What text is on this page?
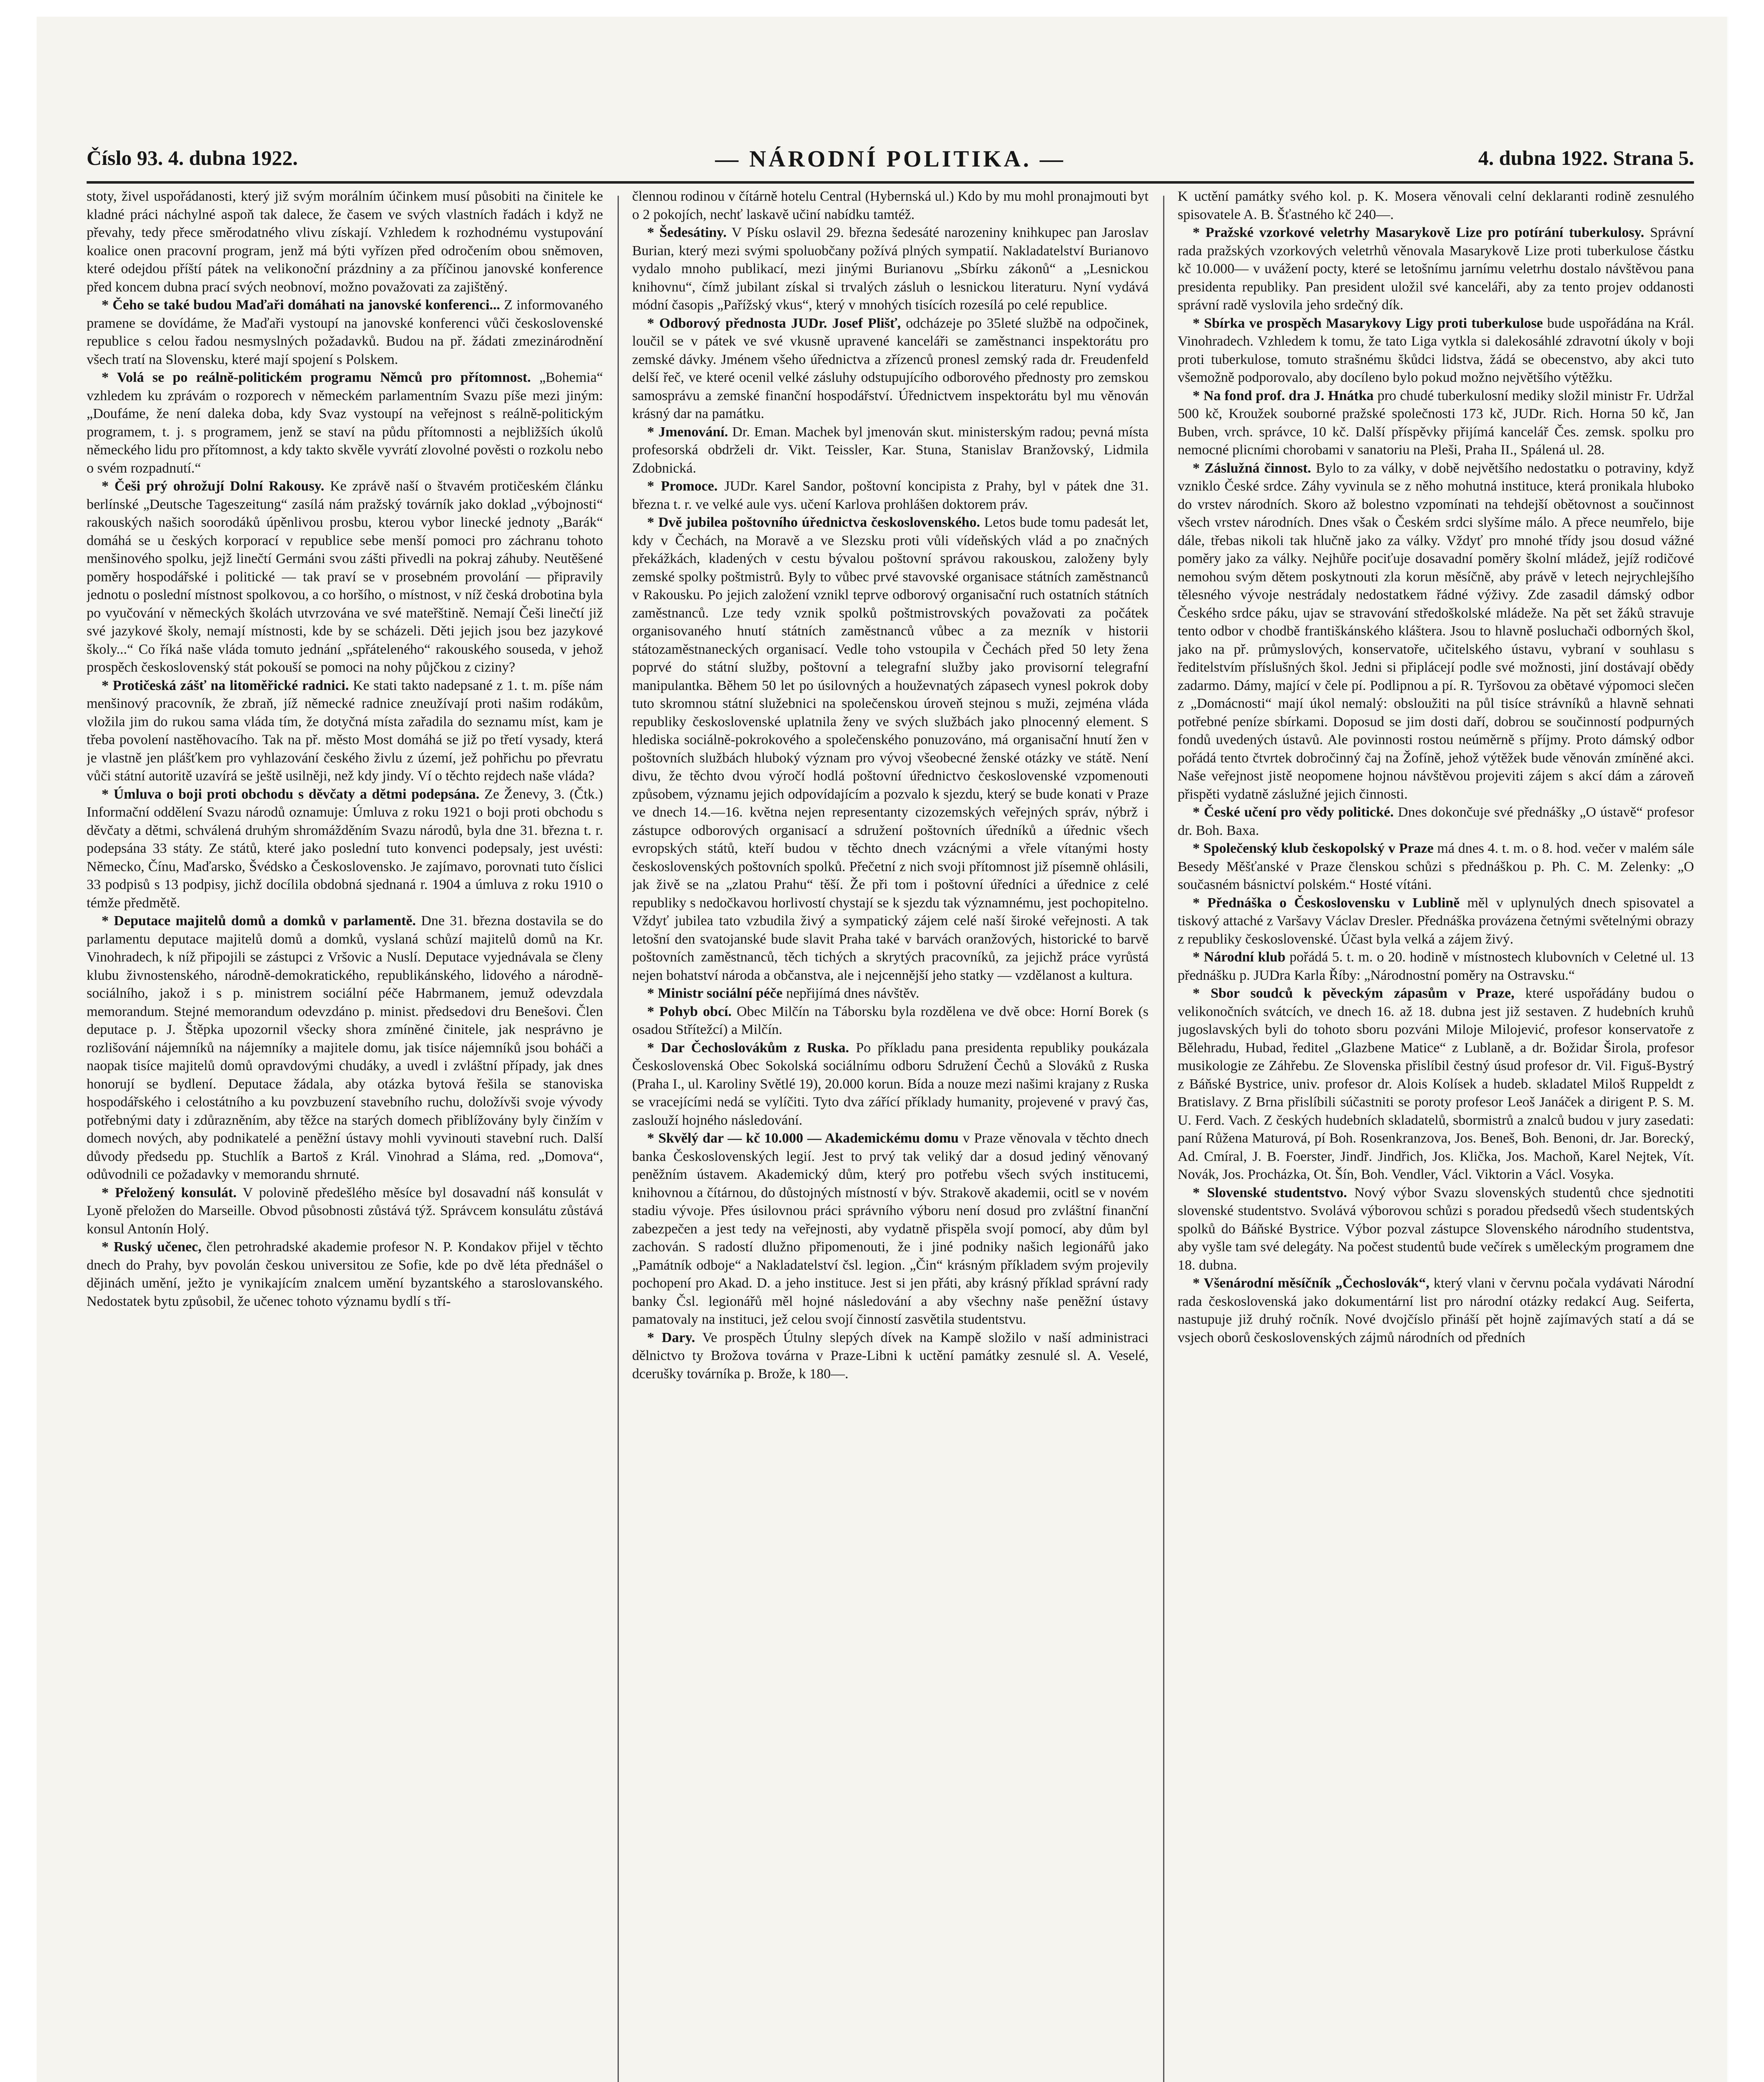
Číslo 93. 4. dubna 1922.	— NÁRODNÍ POLITIKA. —	4. dubna 1922. Strana 5.

stoty, živel uspořádanosti, který již svým morálním účinkem musí působiti na činitele ke kladné práci náchylné aspoň tak dalece, že časem ve svých vlastních řadách i když ne převahy, tedy přece směrodatného vlivu získají. Vzhledem k rozhodnému vystupování koalice onen pracovní program, jenž má býti vyřízen před odročením obou sněmoven, které odejdou příští pátek na velikonoční prázdniny a za příčinou janovské konference před koncem dubna prací svých neobnoví, možno považovati za zajištěný.

* Čeho se také budou Maďaři domáhati na janovské konferenci... Z informovaného pramene se dovídáme, že Maďaři vystoupí na janovské konferenci vůči československé republice s celou řadou nesmyslných požadavků. Budou na př. žádati zmezinárodnění všech tratí na Slovensku, které mají spojení s Polskem.

* Volá se po reálně-politickém programu Němců pro přítomnost. „Bohemia“ vzhledem ku zprávám o rozporech v německém parlamentním Svazu píše mezi jiným: „Doufáme, že není daleka doba, kdy Svaz vystoupí na veřejnost s reálně-politickým programem, t. j. s programem, jenž se staví na půdu přítomnosti a nejbližších úkolů německého lidu pro přítomnost, a kdy takto skvěle vyvrátí zlovolné pověsti o rozkolu nebo o svém rozpadnutí.“

* Češi prý ohrožují Dolní Rakousy. Ke zprávě naší o štvavém protičeském článku berlínské „Deutsche Tageszeitung“ zasílá nám pražský továrník jako doklad „výbojnosti“ rakouských našich soorodáků úpěnlivou prosbu, kterou vybor linecké jednoty „Barák“ domáhá se u českých korporací v republice sebe menší pomoci pro záchranu tohoto menšinového spolku, jejž linečtí Germáni svou zášti přivedli na pokraj záhuby. Neutěšené poměry hospodářské i politické — tak praví se v prosebném provolání — připravily jednotu o poslední místnost spolkovou, a co horšího, o místnost, v níž česká drobotina byla po vyučování v německých školách utvrzována ve své mateřštině. Nemají Češi linečtí již své jazykové školy, nemají místnosti, kde by se scházeli. Děti jejich jsou bez jazykové školy...“ Co říká naše vláda tomuto jednání „spřáteleného“ rakouského souseda, v jehož prospěch československý stát pokouší se pomoci na nohy půjčkou z ciziny?

* Protičeská zášť na litoměřické radnici. Ke stati takto nadepsané z 1. t. m. píše nám menšinový pracovník, že zbraň, jíž německé radnice zneužívají proti našim rodákům, vložila jim do rukou sama vláda tím, že dotyčná místa zařadila do seznamu míst, kam je třeba povolení nastěhovacího. Tak na př. město Most domáhá se již po třetí vysady, která je vlastně jen plášťkem pro vyhlazování českého živlu z území, jež pohřichu po převratu vůči státní autoritě uzavírá se ještě usilněji, než kdy jindy. Ví o těchto rejdech naše vláda?

* Úmluva o boji proti obchodu s děvčaty a dětmi podepsána. Ze Ženevy, 3. (Čtk.) Informační oddělení Svazu národů oznamuje: Úmluva z roku 1921 o boji proti obchodu s děvčaty a dětmi, schválená druhým shromážděním Svazu národů, byla dne 31. března t. r. podepsána 33 státy. Ze států, které jako poslední tuto konvenci podepsaly, jest uvésti: Německo, Čínu, Maďarsko, Švédsko a Československo. Je zajímavo, porovnati tuto číslici 33 podpisů s 13 podpisy, jichž docílila obdobná sjednaná r. 1904 a úmluva z roku 1910 o témže předmětě.

* Deputace majitelů domů a domků v parlamentě. Dne 31. března dostavila se do parlamentu deputace majitelů domů a domků, vyslaná schůzí majitelů domů na Kr. Vinohradech, k níž připojili se zástupci z Vršovic a Nuslí. Deputace vyjednávala se členy klubu živnostenského, národně-demokratického, republikánského, lidového a národně-sociálního, jakož i s p. ministrem sociální péče Habrmanem, jemuž odevzdala memorandum. Stejné memorandum odevzdáno p. minist. předsedovi dru Benešovi. Člen deputace p. J. Štěpka upozornil všecky shora zmíněné činitele, jak nesprávno je rozlišování nájemníků na nájemníky a majitele domu, jak tisíce nájemníků jsou boháči a naopak tisíce majitelů domů opravdovými chudáky, a uvedl i zvláštní případy, jak dnes honorují se bydlení. Deputace žádala, aby otázka bytová řešila se stanoviska hospodářského i celostátního a ku povzbuzení stavebního ruchu, doložívši svoje vývody potřebnými daty i zdůrazněním, aby těžce na starých domech přiblížovány byly činžím v domech nových, aby podnikatelé a peněžní ústavy mohli vyvinouti stavební ruch. Další důvody předsedu pp. Stuchlík a Bartoš z Král. Vinohrad a Sláma, red. „Domova“, odůvodnili ce požadavky v memorandu shrnuté.

* Přeložený konsulát. V polovině předešlého měsíce byl dosavadní náš konsulát v Lyoně přeložen do Marseille. Obvod působnosti zůstává týž. Správcem konsulátu zůstává konsul Antonín Holý.

* Ruský učenec, člen petrohradské akademie profesor N. P. Kondakov přijel v těchto dnech do Prahy, byv povolán českou universitou ze Sofie, kde po dvě léta přednášel o dějinách umění, ježto je vynikajícím znalcem umění byzantského a staroslovanského. Nedostatek bytu způsobil, že učenec tohoto významu bydlí s tří-

člennou rodinou v čítárně hotelu Central (Hybernská ul.) Kdo by mu mohl pronajmouti byt o 2 pokojích, nechť laskavě učiní nabídku tamtéž.

* Šedesátiny. V Písku oslavil 29. března šedesáté narozeniny knihkupec pan Jaroslav Burian, který mezi svými spoluobčany požívá plných sympatií. Nakladatelství Burianovo vydalo mnoho publikací, mezi jinými Burianovu „Sbírku zákonů“ a „Lesnickou knihovnu“, čímž jubilant získal si trvalých zásluh o lesnickou literaturu. Nyní vydává módní časopis „Pařížský vkus“, který v mnohých tisících rozesílá po celé republice.

* Odborový přednosta JUDr. Josef Plišť, odcházeje po 35leté službě na odpočinek, loučil se v pátek ve své vkusně upravené kanceláři se zaměstnanci inspektorátu pro zemské dávky. Jménem všeho úřednictva a zřízenců pronesl zemský rada dr. Freudenfeld delší řeč, ve které ocenil velké zásluhy odstupujícího odborového přednosty pro zemskou samosprávu a zemské finanční hospodářství. Úřednictvem inspektorátu byl mu věnován krásný dar na památku.

* Jmenování. Dr. Eman. Machek byl jmenován skut. ministerským radou; pevná místa profesorská obdrželi dr. Vikt. Teissler, Kar. Stuna, Stanislav Branžovský, Lidmila Zdobnická.

* Promoce. JUDr. Karel Sandor, poštovní koncipista z Prahy, byl v pátek dne 31. března t. r. ve velké aule vys. učení Karlova prohlášen doktorem práv.

* Dvě jubilea poštovního úřednictva československého. Letos bude tomu padesát let, kdy v Čechách, na Moravě a ve Slezsku proti vůli vídeňských vlád a po značných překážkách, kladených v cestu bývalou poštovní správou rakouskou, založeny byly zemské spolky poštmistrů. Byly to vůbec prvé stavovské organisace státních zaměstnanců v Rakousku. Po jejich založení vznikl teprve odborový organisační ruch ostatních státních zaměstnanců. Lze tedy vznik spolků poštmistrovských považovati za počátek organisovaného hnutí státních zaměstnanců vůbec a za mezník v historii státozaměstnaneckých organisací. Vedle toho vstoupila v Čechách před 50 lety žena poprvé do státní služby, poštovní a telegrafní služby jako provisorní telegrafní manipulantka. Během 50 let po úsilovných a houževnatých zápasech vynesl pokrok doby tuto skromnou státní služebnici na společenskou úroveň stejnou s muži, zejména vláda republiky československé uplatnila ženy ve svých službách jako plnocenný element. S hlediska sociálně-pokrokového a společenského ponuzováno, má organisační hnutí žen v poštovních službách hluboký význam pro vývoj všeobecné ženské otázky ve státě. Není divu, že těchto dvou výročí hodlá poštovní úřednictvo československé vzpomenouti způsobem, významu jejich odpovídajícím a pozvalo k sjezdu, který se bude konati v Praze ve dnech 14.—16. května nejen representanty cizozemských veřejných správ, nýbrž i zástupce odborových organisací a sdružení poštovních úředníků a úřednic všech evropských států, kteří budou v těchto dnech vzácnými a vřele vítanými hosty československých poštovních spolků. Přečetní z nich svoji přítomnost již písemně ohlásili, jak živě se na „zlatou Prahu“ těší. Že při tom i poštovní úředníci a úřednice z celé republiky s nedočkavou horlivostí chystají se k sjezdu tak významnému, jest pochopitelno. Vždyť jubilea tato vzbudila živý a sympatický zájem celé naší široké veřejnosti. A tak letošní den svatojanské bude slavit Praha také v barvách oranžových, historické to barvě poštovních zaměstnanců, těch tichých a skrytých pracovníků, za jejichž práce vyrůstá nejen bohatství národa a občanstva, ale i nejcennější jeho statky — vzdělanost a kultura.

* Ministr sociální péče nepřijímá dnes návštěv.

* Pohyb obcí. Obec Milčín na Táborsku byla rozdělena ve dvě obce: Horní Borek (s osadou Střítežcí) a Milčín.

* Dar Čechoslovákům z Ruska. Po příkladu pana presidenta republiky poukázala Československá Obec Sokolská sociálnímu odboru Sdružení Čechů a Slováků z Ruska (Praha I., ul. Karoliny Světlé 19), 20.000 korun. Bída a nouze mezi našimi krajany z Ruska se vracejícími nedá se vylíčiti. Tyto dva zářící příklady humanity, projevené v pravý čas, zaslouží hojného následování.

* Skvělý dar — kč 10.000 — Akademickému domu v Praze věnovala v těchto dnech banka Československých legií. Jest to prvý tak veliký dar a dosud jediný věnovaný peněžním ústavem. Akademický dům, který pro potřebu všech svých institucemi, knihovnou a čítárnou, do důstojných místností v býv. Strakově akademii, ocitl se v novém stadiu vývoje. Přes úsilovnou práci správního výboru není dosud pro zvláštní finanční zabezpečen a jest tedy na veřejnosti, aby vydatně přispěla svojí pomocí, aby dům byl zachován. S radostí dlužno připomenouti, že i jiné podniky našich legionářů jako „Památník odboje“ a Nakladatelství čsl. legion. „Čin“ krásným příkladem svým projevily pochopení pro Akad. D. a jeho instituce. Jest si jen přáti, aby krásný příklad správní rady banky Čsl. legionářů měl hojné následování a aby všechny naše peněžní ústavy pamatovaly na instituci, jež celou svojí činností zasvětila studentstvu.

* Dary. Ve prospěch Útulny slepých dívek na Kampě složilo v naší administraci dělnictvo ty Brožova továrna v Praze-Libni k uctění památky zesnulé sl. A. Veselé, dcerušky továrníka p. Brože, k 180—.

K uctění památky svého kol. p. K. Mosera věnovali celní deklaranti rodině zesnulého spisovatele A. B. Šťastného kč 240—.

* Pražské vzorkové veletrhy Masarykově Lize pro potírání tuberkulosy. Správní rada pražských vzorkových veletrhů věnovala Masarykově Lize proti tuberkulose částku kč 10.000— v uvážení pocty, které se letošnímu jarnímu veletrhu dostalo návštěvou pana presidenta republiky. Pan president uložil své kanceláři, aby za tento projev oddanosti správní radě vyslovila jeho srdečný dík.

* Sbírka ve prospěch Masarykovy Ligy proti tuberkulose bude uspořádána na Král. Vinohradech. Vzhledem k tomu, že tato Liga vytkla si dalekosáhlé zdravotní úkoly v boji proti tuberkulose, tomuto strašnému škůdci lidstva, žádá se obecenstvo, aby akci tuto všemožně podporovalo, aby docíleno bylo pokud možno největšího výtěžku.

* Na fond prof. dra J. Hnátka pro chudé tuberkulosní mediky složil ministr Fr. Udržal 500 kč, Kroužek souborné pražské společnosti 173 kč, JUDr. Rich. Horna 50 kč, Jan Buben, vrch. správce, 10 kč. Další příspěvky přijímá kancelář Čes. zemsk. spolku pro nemocné plicními chorobami v sanatoriu na Pleši, Praha II., Spálená ul. 28.

* Záslužná činnost. Bylo to za války, v době největšího nedostatku o potraviny, když vzniklo České srdce. Záhy vyvinula se z něho mohutná instituce, která pronikala hluboko do vrstev národních. Skoro až bolestno vzpomínati na tehdejší obětovnost a součinnost všech vrstev národních. Dnes však o Českém srdci slyšíme málo. A přece neumřelo, bije dále, třebas nikoli tak hlučně jako za války. Vždyť pro mnohé třídy jsou dosud vážné poměry jako za války. Nejhůře pociťuje dosavadní poměry školní mládež, jejíž rodičové nemohou svým dětem poskytnouti zla korun měsíčně, aby právě v letech nejrychlejšího tělesného vývoje nestrádaly nedostatkem řádné výživy. Zde zasadil dámský odbor Českého srdce páku, ujav se stravování středoškolské mládeže. Na pět set žáků stravuje tento odbor v chodbě františkánského kláštera. Jsou to hlavně posluchači odborných škol, jako na př. průmyslových, konservatoře, učitelského ústavu, vybraní v souhlasu s ředitelstvím příslušných škol. Jedni si připlácejí podle své možnosti, jiní dostávají obědy zadarmo. Dámy, mající v čele pí. Podlipnou a pí. R. Tyršovou za obětavé výpomoci slečen z „Domácnosti“ mají úkol nemalý: obsloužiti na půl tisíce strávníků a hlavně sehnati potřebné peníze sbírkami. Doposud se jim dosti daří, dobrou se součinností podpurných fondů uvedených ústavů. Ale povinnosti rostou neúměrně s příjmy. Proto dámský odbor pořádá tento čtvrtek dobročinný čaj na Žofíně, jehož výtěžek bude věnován zmíněné akci. Naše veřejnost jistě neopomene hojnou návštěvou projeviti zájem s akcí dám a zároveň přispěti vydatně záslužné jejich činnosti.

* České učení pro vědy politické. Dnes dokončuje své přednášky „O ústavě“ profesor dr. Boh. Baxa.

* Společenský klub českopolský v Praze má dnes 4. t. m. o 8. hod. večer v malém sále Besedy Měšťanské v Praze členskou schůzi s přednáškou p. Ph. C. M. Zelenky: „O současném básnictví polském.“ Hosté vítáni.

* Přednáška o Československu v Lublině měl v uplynulých dnech spisovatel a tiskový attaché z Varšavy Václav Dresler. Přednáška provázena četnými světelnými obrazy z republiky československé. Účast byla velká a zájem živý.

* Národní klub pořádá 5. t. m. o 20. hodině v místnostech klubovních v Celetné ul. 13 přednášku p. JUDra Karla Říby: „Národnostní poměry na Ostravsku.“

* Sbor soudců k pěveckým zápasům v Praze, které uspořádány budou o velikonočních svátcích, ve dnech 16. až 18. dubna jest již sestaven. Z hudebních kruhů jugoslavských byli do tohoto sboru pozváni Miloje Milojević, profesor konservatoře z Bělehradu, Hubad, ředitel „Glazbene Matice“ z Lublaně, a dr. Božidar Širola, profesor musikologie ze Záhřebu. Ze Slovenska přislíbil čestný úsud profesor dr. Vil. Figuš-Bystrý z Báňské Bystrice, univ. profesor dr. Alois Kolísek a hudeb. skladatel Miloš Ruppeldt z Bratislavy. Z Brna přislíbili súčastniti se poroty profesor Leoš Janáček a dirigent P. S. M. U. Ferd. Vach. Z českých hudebních skladatelů, sbormistrů a znalců budou v jury zasedati: paní Růžena Maturová, pí Boh. Rosenkranzova, Jos. Beneš, Boh. Benoni, dr. Jar. Borecký, Ad. Cmíral, J. B. Foerster, Jindř. Jindřich, Jos. Klička, Jos. Machoň, Karel Nejtek, Vít. Novák, Jos. Procházka, Ot. Šín, Boh. Vendler, Václ. Viktorin a Václ. Vosyka.

* Slovenské studentstvo. Nový výbor Svazu slovenských studentů chce sjednotiti slovenské studentstvo. Svolává výborovou schůzi s poradou předsedů všech studentských spolků do Báňské Bystrice. Výbor pozval zástupce Slovenského národního studentstva, aby vyšle tam své delegáty. Na počest studentů bude večírek s uměleckým programem dne 18. dubna.

* Všenárodní měsíčník „Čechoslovák“, který vlani v červnu počala vydávati Národní rada československá jako dokumentární list pro národní otázky redakcí Aug. Seiferta, nastupuje již druhý ročník. Nové dvojčíslo přináší pět hojně zajímavých statí a dá se vsjech oborů československých zájmů národních od předních
